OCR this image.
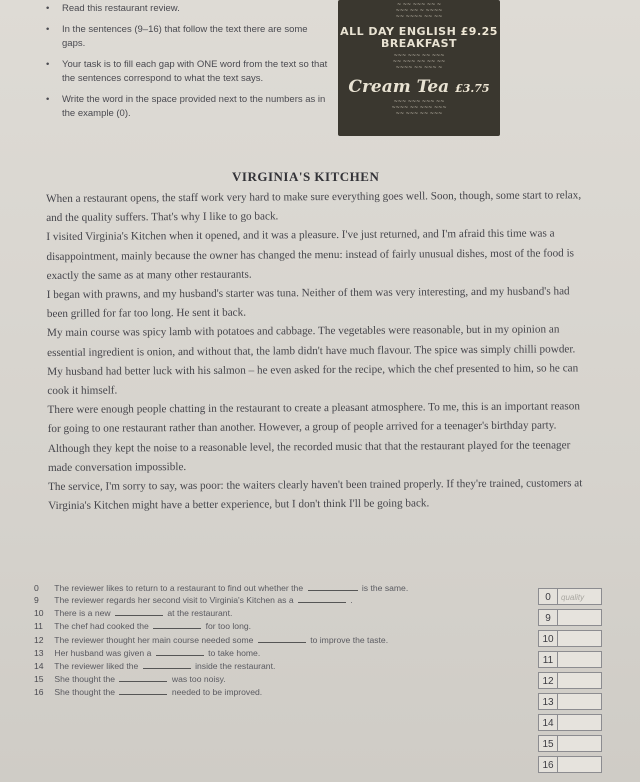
• Read this restaurant review.
• In the sentences (9–16) that follow the text there are some gaps.
• Your task is to fill each gap with ONE word from the text so that the sentences correspond to what the text says.
• Write the word in the space provided next to the numbers as in the example (0).
~ ~~ ~~~ ~~ ~
~~~ ~~ ~ ~~~~
~~ ~~~~ ~~ ~~
ALL DAY ENGLISH £9.25
BREAKFAST
~~~ ~~~ ~~ ~~~
~~ ~~~ ~~ ~~ ~~
~~~~ ~~ ~~~ ~
Cream Tea £3.75
~~~ ~~~ ~~~ ~~
~~~~ ~~ ~~~ ~~~
~~ ~~~ ~~ ~~~
VIRGINIA'S KITCHEN

When a restaurant opens, the staff work very hard to make sure everything goes well. Soon, though, some start to relax, and the quality suffers. That's why I like to go back.

I visited Virginia's Kitchen when it opened, and it was a pleasure. I've just returned, and I'm afraid this time was a disappointment, mainly because the owner has changed the menu: instead of fairly unusual dishes, most of the food is exactly the same as at many other restaurants.

I began with prawns, and my husband's starter was tuna. Neither of them was very interesting, and my husband's had been grilled for far too long. He sent it back.

My main course was spicy lamb with potatoes and cabbage. The vegetables were reasonable, but in my opinion an essential ingredient is onion, and without that, the lamb didn't have much flavour. The spice was simply chilli powder. My husband had better luck with his salmon – he even asked for the recipe, which the chef presented to him, so he can cook it himself.

There were enough people chatting in the restaurant to create a pleasant atmosphere. To me, this is an important reason for going to one restaurant rather than another. However, a group of people arrived for a teenager's birthday party. Although they kept the noise to a reasonable level, the recorded music that that the restaurant played for the teenager made conversation impossible.

The service, I'm sorry to say, was poor: the waiters clearly haven't been trained properly. If they're trained, customers at Virginia's Kitchen might have a better experience, but I don't think I'll be going back.

0 The reviewer likes to return to a restaurant to find out whether the	is the same.
9 The reviewer regards her second visit to Virginia's Kitchen as a	.
10 There is a new	at the restaurant.
11 The chef had cooked the	for too long.
12 The reviewer thought her main course needed some	to improve the taste.
13 Her husband was given a	to take home.
14 The reviewer liked the	inside the restaurant.
15 She thought the	was too noisy.
16 She thought the	needed to be improved.
0	quality
9
10
11
12
13
14
15
16
